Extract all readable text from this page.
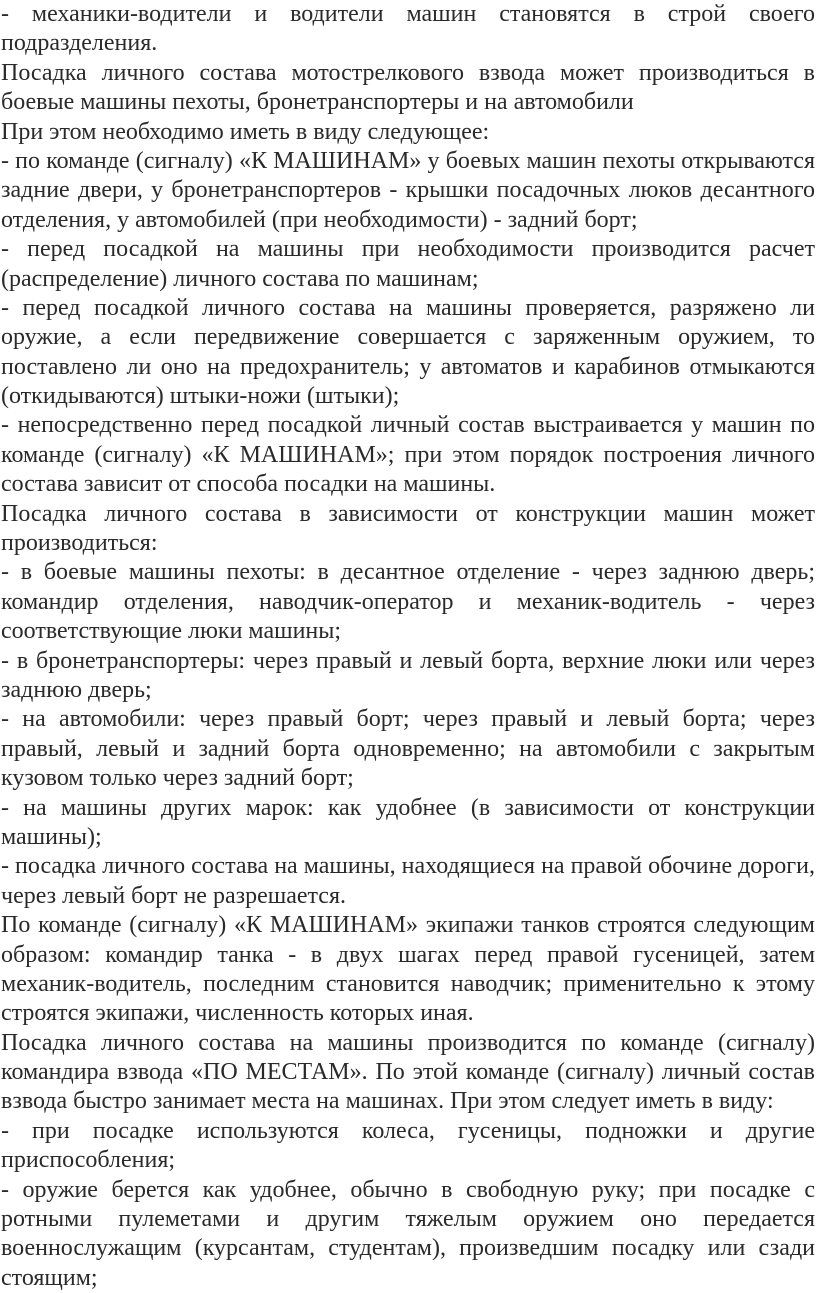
- механики-водители и водители машин становятся в строй своего
подразделения.
Посадка личного состава мотострелкового взвода может производиться в
боевые машины пехоты, бронетранспортеры и на автомобили
При этом необходимо иметь в виду следующее:
- по команде (сигналу) «К МАШИНАМ» у боевых машин пехоты открываются
задние двери, у бронетранспортеров - крышки посадочных люков десантного
отделения, у автомобилей (при необходимости) - задний борт;
- перед посадкой на машины при необходимости производится расчет
(распределение) личного состава по машинам;
- перед посадкой личного состава на машины проверяется, разряжено ли
оружие, а если передвижение совершается с заряженным оружием, то
поставлено ли оно на предохранитель; у автоматов и карабинов отмыкаются
(откидываются) штыки-ножи (штыки);
- непосредственно перед посадкой личный состав выстраивается у машин по
команде (сигналу) «К МАШИНАМ»; при этом порядок построения личного
состава зависит от способа посадки на машины.
Посадка личного состава в зависимости от конструкции машин может
производиться:
- в боевые машины пехоты: в десантное отделение - через заднюю дверь;
командир отделения, наводчик-оператор и механик-водитель - через
соответствующие люки машины;
- в бронетранспортеры: через правый и левый борта, верхние люки или через
заднюю дверь;
- на автомобили: через правый борт; через правый и левый борта; через
правый, левый и задний борта одновременно; на автомобили с закрытым
кузовом только через задний борт;
- на машины других марок: как удобнее (в зависимости от конструкции
машины);
- посадка личного состава на машины, находящиеся на правой обочине дороги,
через левый борт не разрешается.
По команде (сигналу) «К МАШИНАМ» экипажи танков строятся следующим
образом: командир танка - в двух шагах перед правой гусеницей, затем
механик-водитель, последним становится наводчик; применительно к этому
строятся экипажи, численность которых иная.
Посадка личного состава на машины производится по команде (сигналу)
командира взвода «ПО МЕСТАМ». По этой команде (сигналу) личный состав
взвода быстро занимает места на машинах. При этом следует иметь в виду:
- при посадке используются колеса, гусеницы, подножки и другие
приспособления;
- оружие берется как удобнее, обычно в свободную руку; при посадке с
ротными пулеметами и другим тяжелым оружием оно передается
военнослужащим (курсантам, студентам), произведшим посадку или сзади
стоящим;
